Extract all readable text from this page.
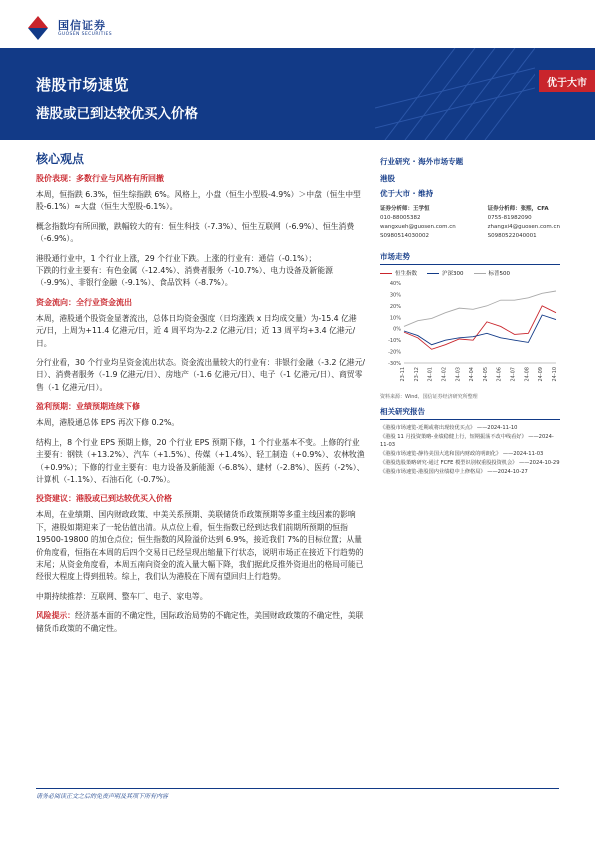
国信证券
GUOSEN SECURITIES
港股市场速览
港股或已到达较优买入价格
优于大市
核心观点
股价表现：多数行业与风格有所回撤
本周，恒指跌 6.3%，恒生综指跌 6%。风格上，小盘（恒生小型股-4.9%）＞中盘（恒生中型股-6.1%）≈大盘（恒生大型股-6.1%）。
概念指数均有所回撤，跌幅较大的有：恒生科技（-7.3%）、恒生互联网（-6.9%）、恒生消费（-6.9%）。
港股通行业中，1 个行业上涨，29 个行业下跌。上涨的行业有：通信（-0.1%）；
下跌的行业主要有：有色金属（-12.4%）、消费者服务（-10.7%）、电力设备及新能源（-9.9%）、非银行金融（-9.1%）、食品饮料（-8.7%）。
资金流向：全行业资金流出
本周，港股通个股资金显著流出，总体日均资金强度（日均涨跌 x 日均成交量）为-15.4 亿港元/日，上周为+11.4 亿港元/日，近 4 周平均为-2.2 亿港元/日；近 13 周平均+3.4 亿港元/日。
分行业看，30 个行业均呈资金流出状态。资金流出量较大的行业有：非银行金融（-3.2 亿港元/日）、消费者服务（-1.9 亿港元/日）、房地产（-1.6 亿港元/日）、电子（-1 亿港元/日）、商贸零售（-1 亿港元/日）。
盈利预期：业绩预期连续下修
本周，港股通总体 EPS 再次下修 0.2%。
结构上，8 个行业 EPS 预期上修，20 个行业 EPS 预期下修，1 个行业基本不变。上修的行业主要有：钢铁（+13.2%）、汽车（+1.5%）、传媒（+1.4%）、轻工制造（+0.9%）、农林牧渔（+0.9%）；下修的行业主要有：电力设备及新能源（-6.8%）、建材（-2.8%）、医药（-2%）、计算机（-1.1%）、石油石化（-0.7%）。
投资建议：港股或已到达较优买入价格
本周，在业绩期、国内财政政策、中美关系预期、美联储货币政策预期等多重主线因素的影响下，港股如期迎来了一轮估值出清。从点位上看，恒生指数已经到达我们前期所预期的恒指 19500-19800 的加仓点位；恒生指数的风险溢价达到 6.9%，接近我们 7%的目标位置；从量价角度看，恒指在本周的后四个交易日已经呈现出缩量下行状态，说明市场正在接近下行趋势的末尾；从资金角度看，本周五南向资金的流入量大幅下降，我们据此反推外资退出的格局可能已经很大程度上得到扭转。综上，我们认为港股在下周有望回归上行趋势。
中期持续推荐：互联网、整车厂、电子、家电等。
风险提示：经济基本面的不确定性，国际政治局势的不确定性，美国财政政策的不确定性，美联储货币政策的不确定性。
行业研究 · 海外市场专题
港股
优于大市 · 维持
证券分析师：王学恒
010-88005382
wangxueh@guosen.com.cn
S0980514030002
证券分析师：张熙，CFA
0755-81982090
zhangxi4@guosen.com.cn
S0980522040001
市场走势
恒生指数	沪深300	标普500
40%
30%
20%
10%
0%
-10%
-20%
-30%
23-11 23-12 24-01 24-02 24-03 24-04 24-05 24-06 24-07 24-08 24-09 24-10
资料来源：Wind、国信证券经济研究所整理
相关研究报告
《港股市场速览-近期或将出现较优买点》 ——2024-11-10
《港股 11 月投资策略-业绩稳健上行，短期振荡不改中线看好》 ——2024-11-03
《港股市场速览-静待美国大选和国内财政的明朗化》 ——2024-11-03
《港股选股策略研究-通过 FCFE 模型识别权重股投资机会》 ——2024-10-29
《港股市场速览-港股国内业绩稳中上修格局》 ——2024-10-27
请务必阅读正文之后的免责声明及其项下所有内容
